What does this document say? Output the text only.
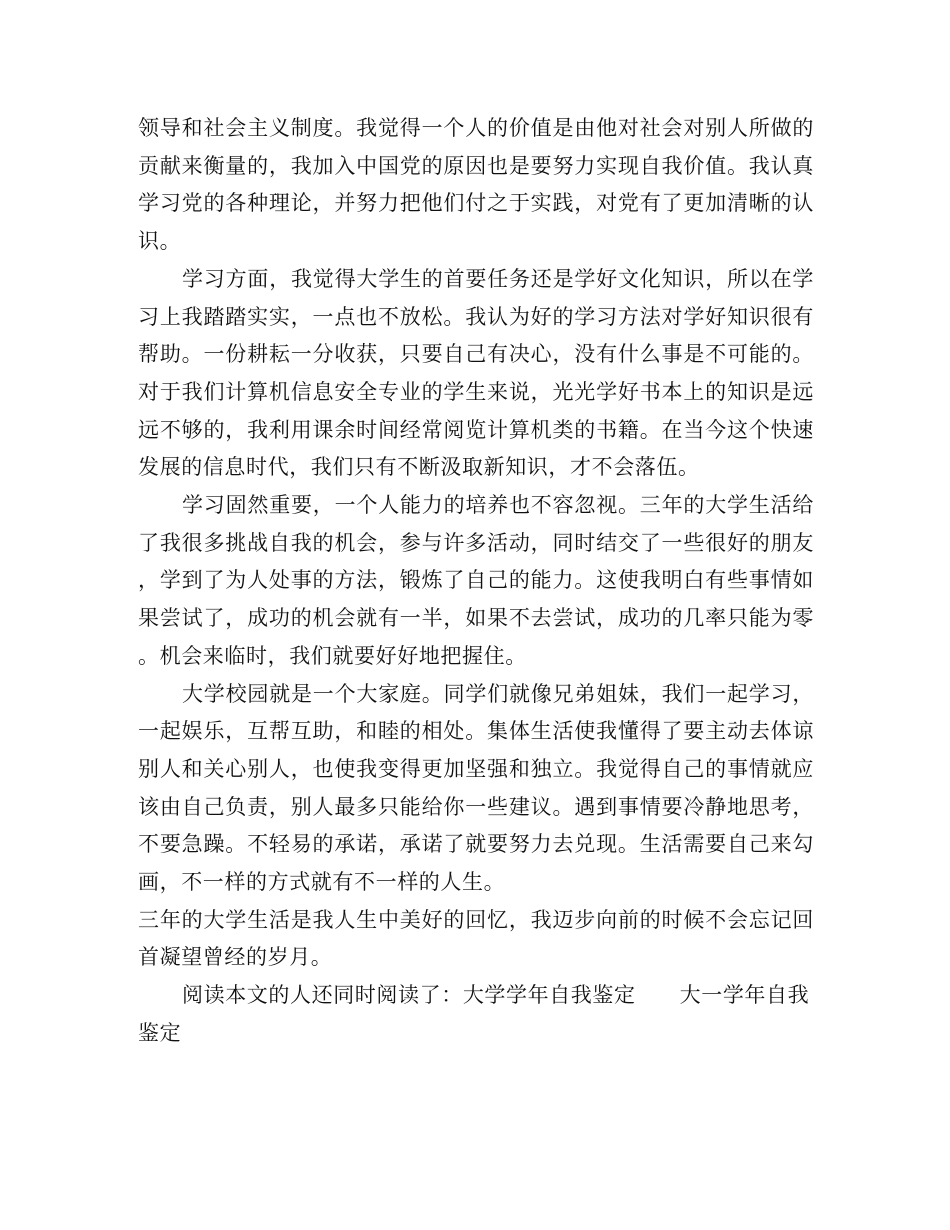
领导和社会主义制度。我觉得一个人的价值是由他对社会对别人所做的贡献来衡量的，我加入中国党的原因也是要努力实现自我价值。我认真学习党的各种理论，并努力把他们付之于实践，对党有了更加清晰的认识。

学习方面，我觉得大学生的首要任务还是学好文化知识，所以在学习上我踏踏实实，一点也不放松。我认为好的学习方法对学好知识很有帮助。一份耕耘一分收获，只要自己有决心，没有什么事是不可能的。对于我们计算机信息安全专业的学生来说，光光学好书本上的知识是远远不够的，我利用课余时间经常阅览计算机类的书籍。在当今这个快速发展的信息时代，我们只有不断汲取新知识，才不会落伍。

学习固然重要，一个人能力的培养也不容忽视。三年的大学生活给了我很多挑战自我的机会，参与许多活动，同时结交了一些很好的朋友，学到了为人处事的方法，锻炼了自己的能力。这使我明白有些事情如果尝试了，成功的机会就有一半，如果不去尝试，成功的几率只能为零。机会来临时，我们就要好好地把握住。

大学校园就是一个大家庭。同学们就像兄弟姐妹，我们一起学习，一起娱乐，互帮互助，和睦的相处。集体生活使我懂得了要主动去体谅别人和关心别人，也使我变得更加坚强和独立。我觉得自己的事情就应该由自己负责，别人最多只能给你一些建议。遇到事情要冷静地思考，不要急躁。不轻易的承诺，承诺了就要努力去兑现。生活需要自己来勾画，不一样的方式就有不一样的人生。

三年的大学生活是我人生中美好的回忆，我迈步向前的时候不会忘记回首凝望曾经的岁月。

阅读本文的人还同时阅读了：大学学年自我鉴定 大一学年自我鉴定
